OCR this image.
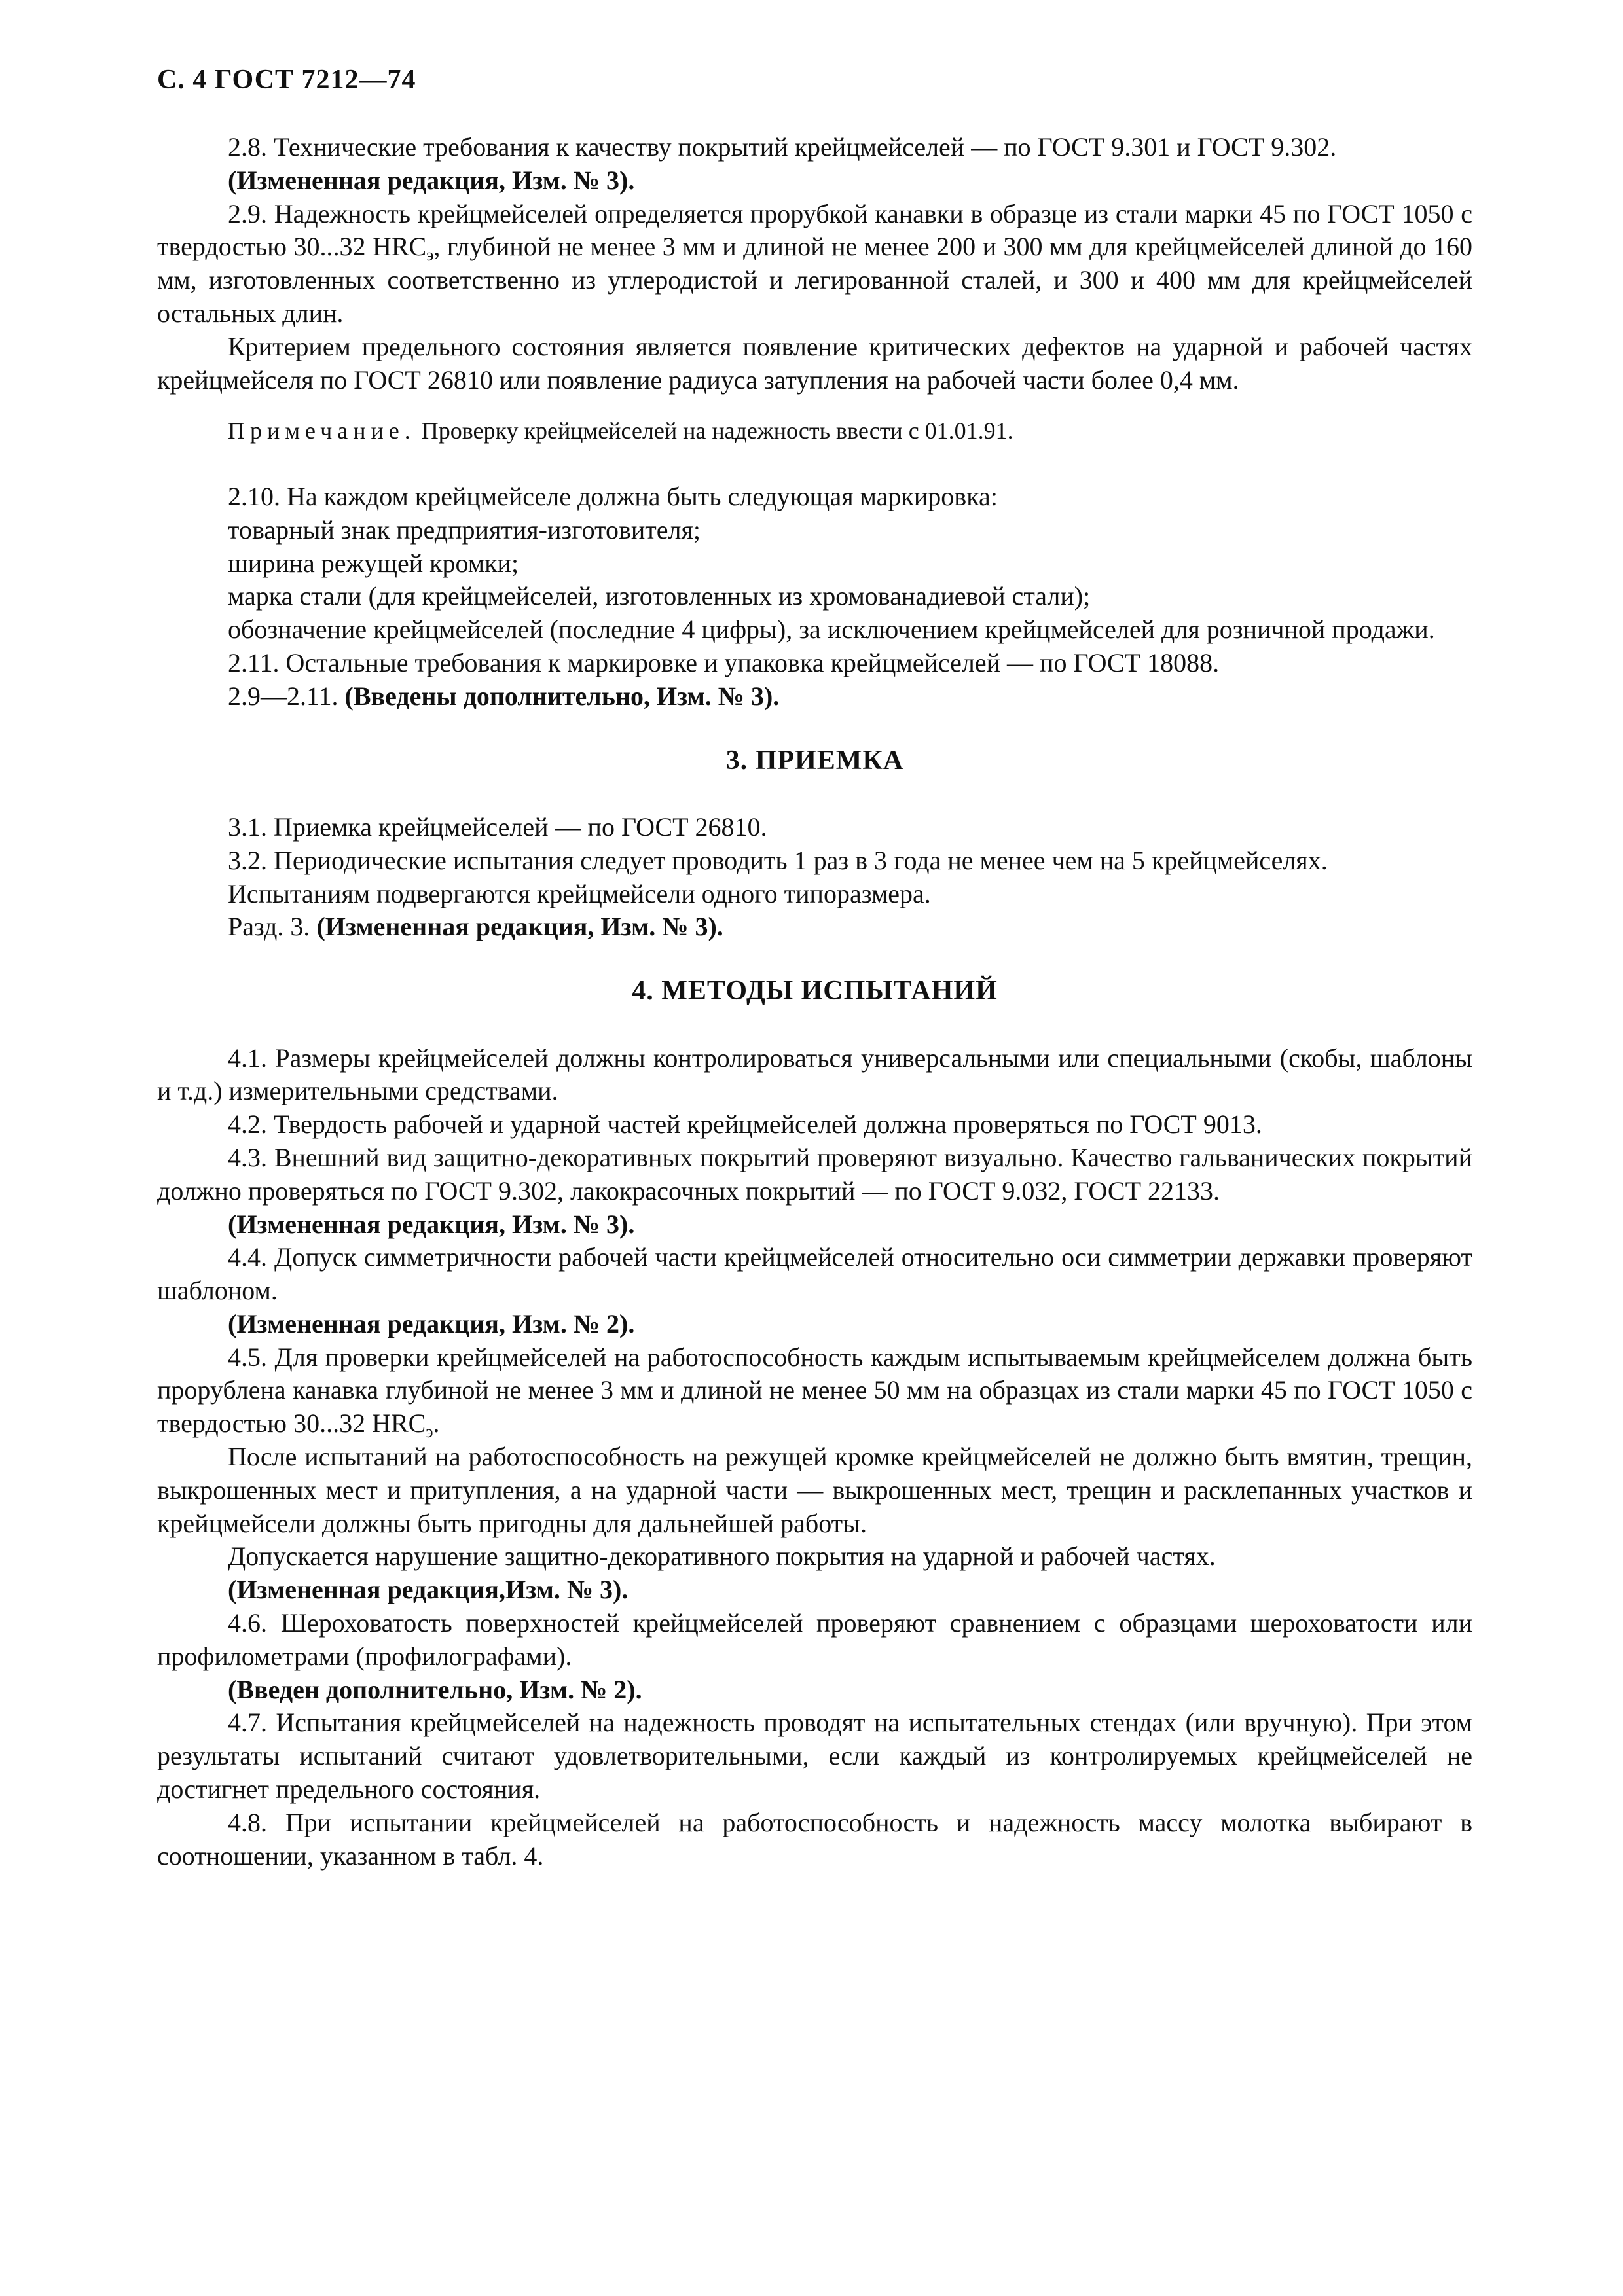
С. 4 ГОСТ 7212—74

2.8. Технические требования к качеству покрытий крейцмейселей — по ГОСТ 9.301 и ГОСТ 9.302.

(Измененная редакция, Изм. № 3).

2.9. Надежность крейцмейселей определяется прорубкой канавки в образце из стали марки 45 по ГОСТ 1050 с твердостью 30...32 $HRC_э$, глубиной не менее 3 мм и длиной не менее 200 и 300 мм для крейцмейселей длиной до 160 мм, изготовленных соответственно из углеродистой и легированной сталей, и 300 и 400 мм для крейцмейселей остальных длин.

Критерием предельного состояния является появление критических дефектов на ударной и рабочей частях крейцмейселя по ГОСТ 26810 или появление радиуса затупления на рабочей части более 0,4 мм.

Примечание. Проверку крейцмейселей на надежность ввести с 01.01.91.

2.10. На каждом крейцмейселе должна быть следующая маркировка:

товарный знак предприятия-изготовителя;

ширина режущей кромки;

марка стали (для крейцмейселей, изготовленных из хромованадиевой стали);

обозначение крейцмейселей (последние 4 цифры), за исключением крейцмейселей для розничной продажи.

2.11. Остальные требования к маркировке и упаковка крейцмейселей — по ГОСТ 18088.

2.9—2.11. (Введены дополнительно, Изм. № 3).

3. ПРИЕМКА

3.1. Приемка крейцмейселей — по ГОСТ 26810.

3.2. Периодические испытания следует проводить 1 раз в 3 года не менее чем на 5 крейцмейселях.

Испытаниям подвергаются крейцмейсели одного типоразмера.

Разд. 3. (Измененная редакция, Изм. № 3).

4. МЕТОДЫ ИСПЫТАНИЙ

4.1. Размеры крейцмейселей должны контролироваться универсальными или специальными (скобы, шаблоны и т.д.) измерительными средствами.

4.2. Твердость рабочей и ударной частей крейцмейселей должна проверяться по ГОСТ 9013.

4.3. Внешний вид защитно-декоративных покрытий проверяют визуально. Качество гальванических покрытий должно проверяться по ГОСТ 9.302, лакокрасочных покрытий — по ГОСТ 9.032, ГОСТ 22133.

(Измененная редакция, Изм. № 3).

4.4. Допуск симметричности рабочей части крейцмейселей относительно оси симметрии державки проверяют шаблоном.

(Измененная редакция, Изм. № 2).

4.5. Для проверки крейцмейселей на работоспособность каждым испытываемым крейцмейселем должна быть прорублена канавка глубиной не менее 3 мм и длиной не менее 50 мм на образцах из стали марки 45 по ГОСТ 1050 с твердостью 30...32 $HRC_э$.

После испытаний на работоспособность на режущей кромке крейцмейселей не должно быть вмятин, трещин, выкрошенных мест и притупления, а на ударной части — выкрошенных мест, трещин и расклепанных участков и крейцмейсели должны быть пригодны для дальнейшей работы.

Допускается нарушение защитно-декоративного покрытия на ударной и рабочей частях.

(Измененная редакция,Изм. № 3).

4.6. Шероховатость поверхностей крейцмейселей проверяют сравнением с образцами шероховатости или профилометрами (профилографами).

(Введен дополнительно, Изм. № 2).

4.7. Испытания крейцмейселей на надежность проводят на испытательных стендах (или вручную). При этом результаты испытаний считают удовлетворительными, если каждый из контролируемых крейцмейселей не достигнет предельного состояния.

4.8. При испытании крейцмейселей на работоспособность и надежность массу молотка выбирают в соотношении, указанном в табл. 4.
